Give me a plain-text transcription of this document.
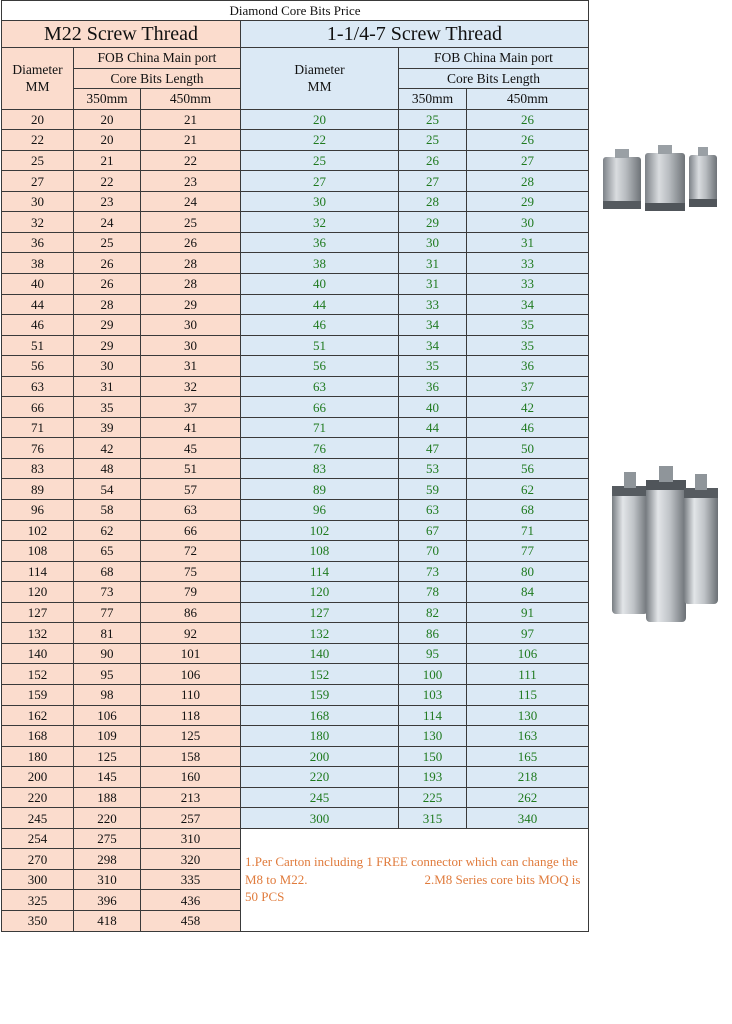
Diamond Core Bits Price					
M22 Screw Thread			1-1/4-7 Screw Thread		
Diameter MM	FOB China Main port		Diameter MM	FOB China Main port	
	Core Bits Length			Core Bits Length	
	350mm	450mm		350mm	450mm
20	20	21	20	25	26
22	20	21	22	25	26
25	21	22	25	26	27
27	22	23	27	27	28
30	23	24	30	28	29
32	24	25	32	29	30
36	25	26	36	30	31
38	26	28	38	31	33
40	26	28	40	31	33
44	28	29	44	33	34
46	29	30	46	34	35
51	29	30	51	34	35
56	30	31	56	35	36
63	31	32	63	36	37
66	35	37	66	40	42
71	39	41	71	44	46
76	42	45	76	47	50
83	48	51	83	53	56
89	54	57	89	59	62
96	58	63	96	63	68
102	62	66	102	67	71
108	65	72	108	70	77
114	68	75	114	73	80
120	73	79	120	78	84
127	77	86	127	82	91
132	81	92	132	86	97
140	90	101	140	95	106
152	95	106	152	100	111
159	98	110	159	103	115
162	106	118	168	114	130
168	109	125	180	130	163
180	125	158	200	150	165
200	145	160	220	193	218
220	188	213	245	225	262
245	220	257	300	315	340
254	275	310	1.Per Carton including 1 FREE connector which can change the M8 to M22.                                    2.M8 Series core bits MOQ is 50 PCS		
270	298	320			
300	310	335			
325	396	436			
350	418	458			
